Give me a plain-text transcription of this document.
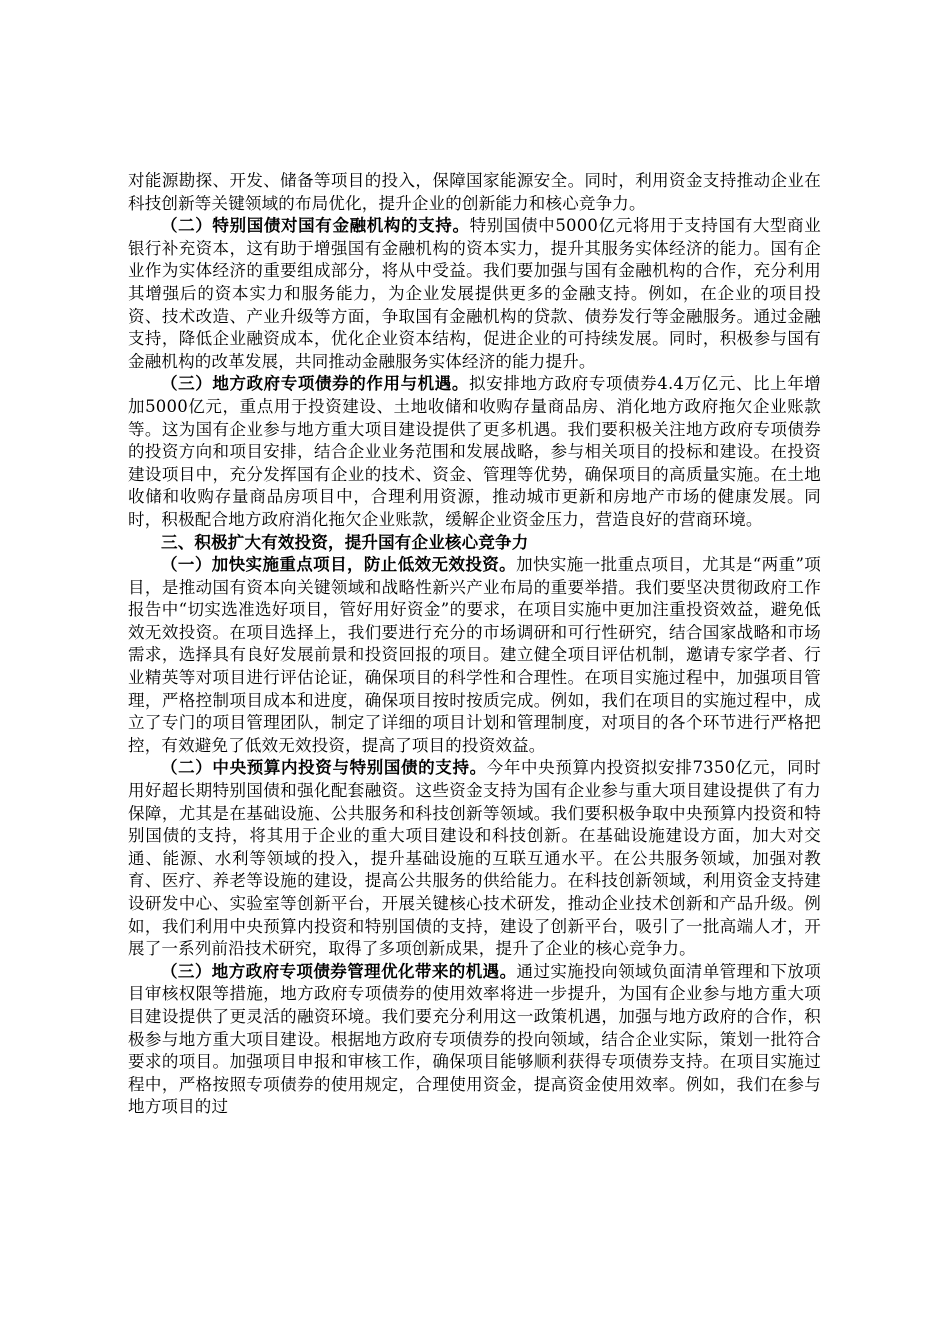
对能源勘探、开发、储备等项目的投入，保障国家能源安全。同时，利用资金支持推动企业在科技创新等关键领域的布局优化，提升企业的创新能力和核心竞争力。

（二）特别国债对国有金融机构的支持。特别国债中5000亿元将用于支持国有大型商业银行补充资本，这有助于增强国有金融机构的资本实力，提升其服务实体经济的能力。国有企业作为实体经济的重要组成部分，将从中受益。我们要加强与国有金融机构的合作，充分利用其增强后的资本实力和服务能力，为企业发展提供更多的金融支持。例如，在企业的项目投资、技术改造、产业升级等方面，争取国有金融机构的贷款、债券发行等金融服务。通过金融支持，降低企业融资成本，优化企业资本结构，促进企业的可持续发展。同时，积极参与国有金融机构的改革发展，共同推动金融服务实体经济的能力提升。

（三）地方政府专项债券的作用与机遇。拟安排地方政府专项债券4.4万亿元、比上年增加5000亿元，重点用于投资建设、土地收储和收购存量商品房、消化地方政府拖欠企业账款等。这为国有企业参与地方重大项目建设提供了更多机遇。我们要积极关注地方政府专项债券的投资方向和项目安排，结合企业业务范围和发展战略，参与相关项目的投标和建设。在投资建设项目中，充分发挥国有企业的技术、资金、管理等优势，确保项目的高质量实施。在土地收储和收购存量商品房项目中，合理利用资源，推动城市更新和房地产市场的健康发展。同时，积极配合地方政府消化拖欠企业账款，缓解企业资金压力，营造良好的营商环境。

三、积极扩大有效投资，提升国有企业核心竞争力

（一）加快实施重点项目，防止低效无效投资。加快实施一批重点项目，尤其是“两重”项目，是推动国有资本向关键领域和战略性新兴产业布局的重要举措。我们要坚决贯彻政府工作报告中“切实选准选好项目，管好用好资金”的要求，在项目实施中更加注重投资效益，避免低效无效投资。在项目选择上，我们要进行充分的市场调研和可行性研究，结合国家战略和市场需求，选择具有良好发展前景和投资回报的项目。建立健全项目评估机制，邀请专家学者、行业精英等对项目进行评估论证，确保项目的科学性和合理性。在项目实施过程中，加强项目管理，严格控制项目成本和进度，确保项目按时按质完成。例如，我们在项目的实施过程中，成立了专门的项目管理团队，制定了详细的项目计划和管理制度，对项目的各个环节进行严格把控，有效避免了低效无效投资，提高了项目的投资效益。

（二）中央预算内投资与特别国债的支持。今年中央预算内投资拟安排7350亿元，同时用好超长期特别国债和强化配套融资。这些资金支持为国有企业参与重大项目建设提供了有力保障，尤其是在基础设施、公共服务和科技创新等领域。我们要积极争取中央预算内投资和特别国债的支持，将其用于企业的重大项目建设和科技创新。在基础设施建设方面，加大对交通、能源、水利等领域的投入，提升基础设施的互联互通水平。在公共服务领域，加强对教育、医疗、养老等设施的建设，提高公共服务的供给能力。在科技创新领域，利用资金支持建设研发中心、实验室等创新平台，开展关键核心技术研发，推动企业技术创新和产品升级。例如，我们利用中央预算内投资和特别国债的支持，建设了创新平台，吸引了一批高端人才，开展了一系列前沿技术研究，取得了多项创新成果，提升了企业的核心竞争力。

（三）地方政府专项债券管理优化带来的机遇。通过实施投向领域负面清单管理和下放项目审核权限等措施，地方政府专项债券的使用效率将进一步提升，为国有企业参与地方重大项目建设提供了更灵活的融资环境。我们要充分利用这一政策机遇，加强与地方政府的合作，积极参与地方重大项目建设。根据地方政府专项债券的投向领域，结合企业实际，策划一批符合要求的项目。加强项目申报和审核工作，确保项目能够顺利获得专项债券支持。在项目实施过程中，严格按照专项债券的使用规定，合理使用资金，提高资金使用效率。例如，我们在参与地方项目的过
